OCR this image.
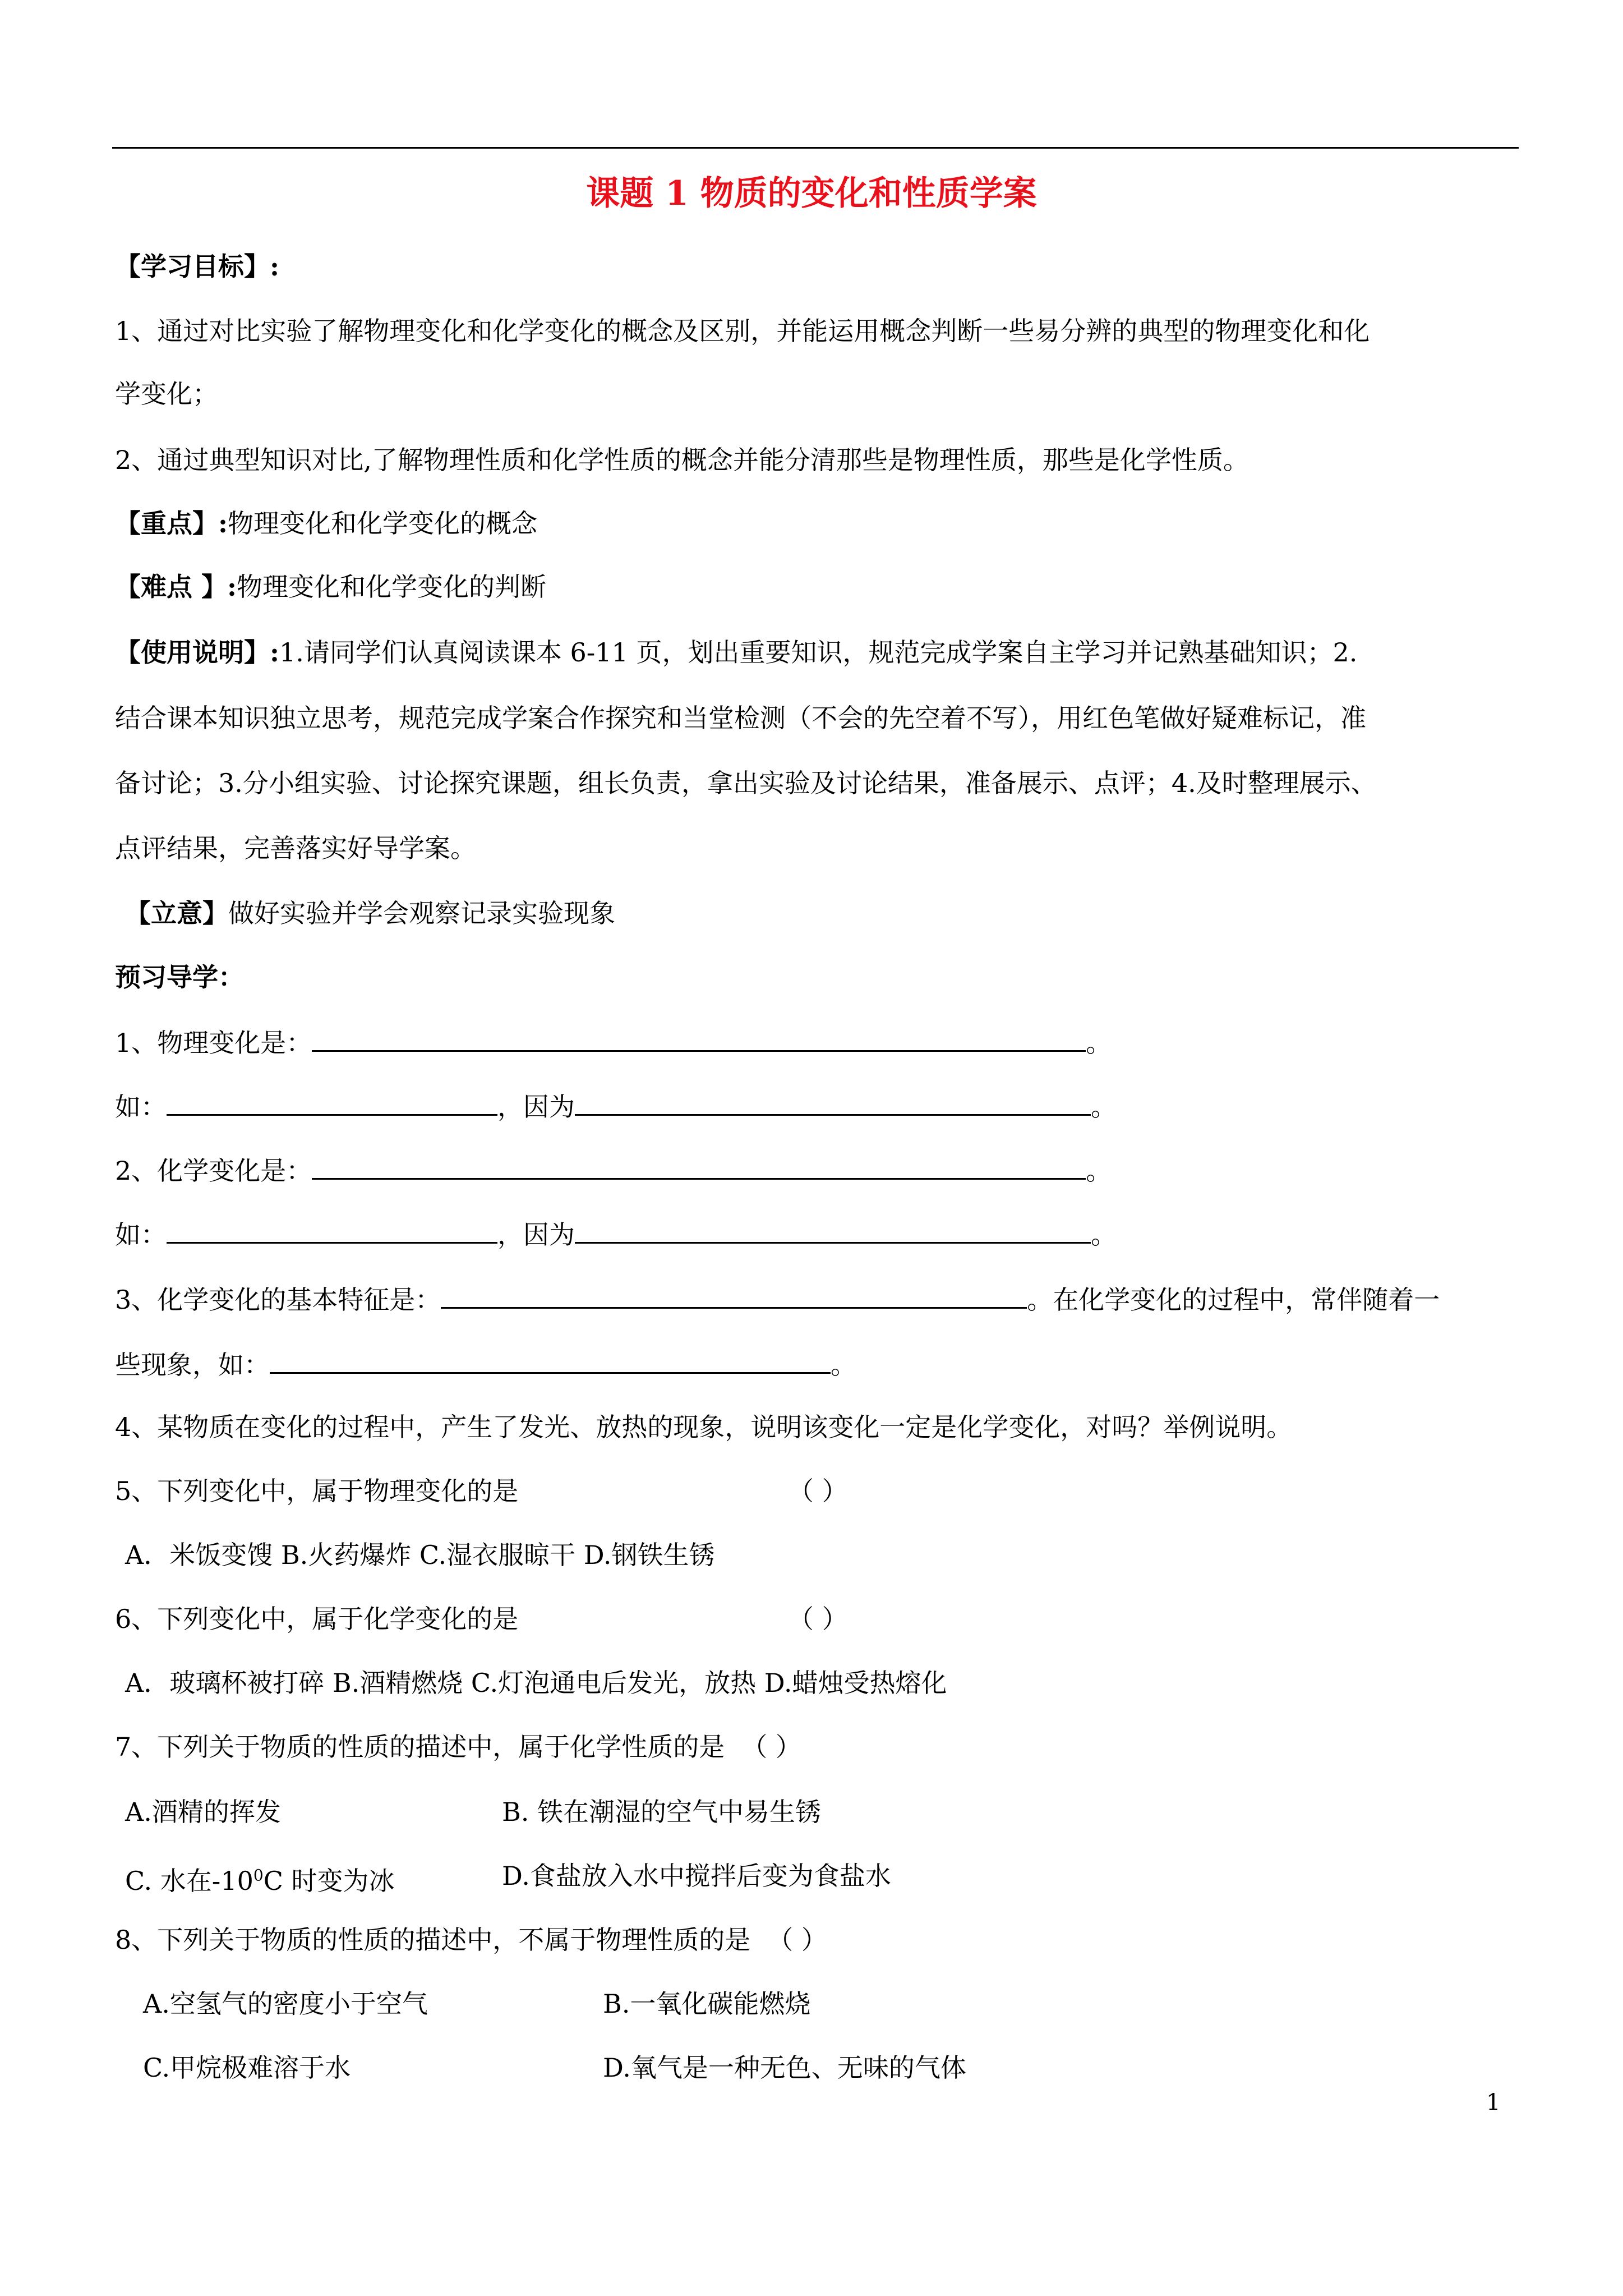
课题 1 物质的变化和性质学案
【学习目标】:
1、通过对比实验了解物理变化和化学变化的概念及区别，并能运用概念判断一些易分辨的典型的物理变化和化
学变化；
2、通过典型知识对比,了解物理性质和化学性质的概念并能分清那些是物理性质，那些是化学性质。
【重点】:物理变化和化学变化的概念
【难点 】:物理变化和化学变化的判断
【使用说明】:1.请同学们认真阅读课本 6-11 页，划出重要知识，规范完成学案自主学习并记熟基础知识；2.
结合课本知识独立思考，规范完成学案合作探究和当堂检测（不会的先空着不写），用红色笔做好疑难标记，准
备讨论；3.分小组实验、讨论探究课题，组长负责，拿出实验及讨论结果，准备展示、点评；4.及时整理展示、
点评结果，完善落实好导学案。
【立意】做好实验并学会观察记录实验现象
预习导学：
1、物理变化是：	。
如：	，因为	。
2、化学变化是：	。
如：	，因为	。
3、化学变化的基本特征是：	。在化学变化的过程中，常伴随着一
些现象，如：	。
4、某物质在变化的过程中，产生了发光、放热的现象，说明该变化一定是化学变化，对吗？举例说明。
5、下列变化中，属于物理变化的是	（ ）
A．米饭变馊 B.火药爆炸 C.湿衣服晾干 D.钢铁生锈
6、下列变化中，属于化学变化的是	（ ）
A．玻璃杯被打碎 B.酒精燃烧 C.灯泡通电后发光，放热 D.蜡烛受热熔化
7、下列关于物质的性质的描述中，属于化学性质的是 （ ）
A.酒精的挥发	B. 铁在潮湿的空气中易生锈
C. 水在$-10^0C$ 时变为冰	D.食盐放入水中搅拌后变为食盐水
8、下列关于物质的性质的描述中，不属于物理性质的是 （ ）
A.空氢气的密度小于空气	B.一氧化碳能燃烧
C.甲烷极难溶于水	D.氧气是一种无色、无味的气体
1
